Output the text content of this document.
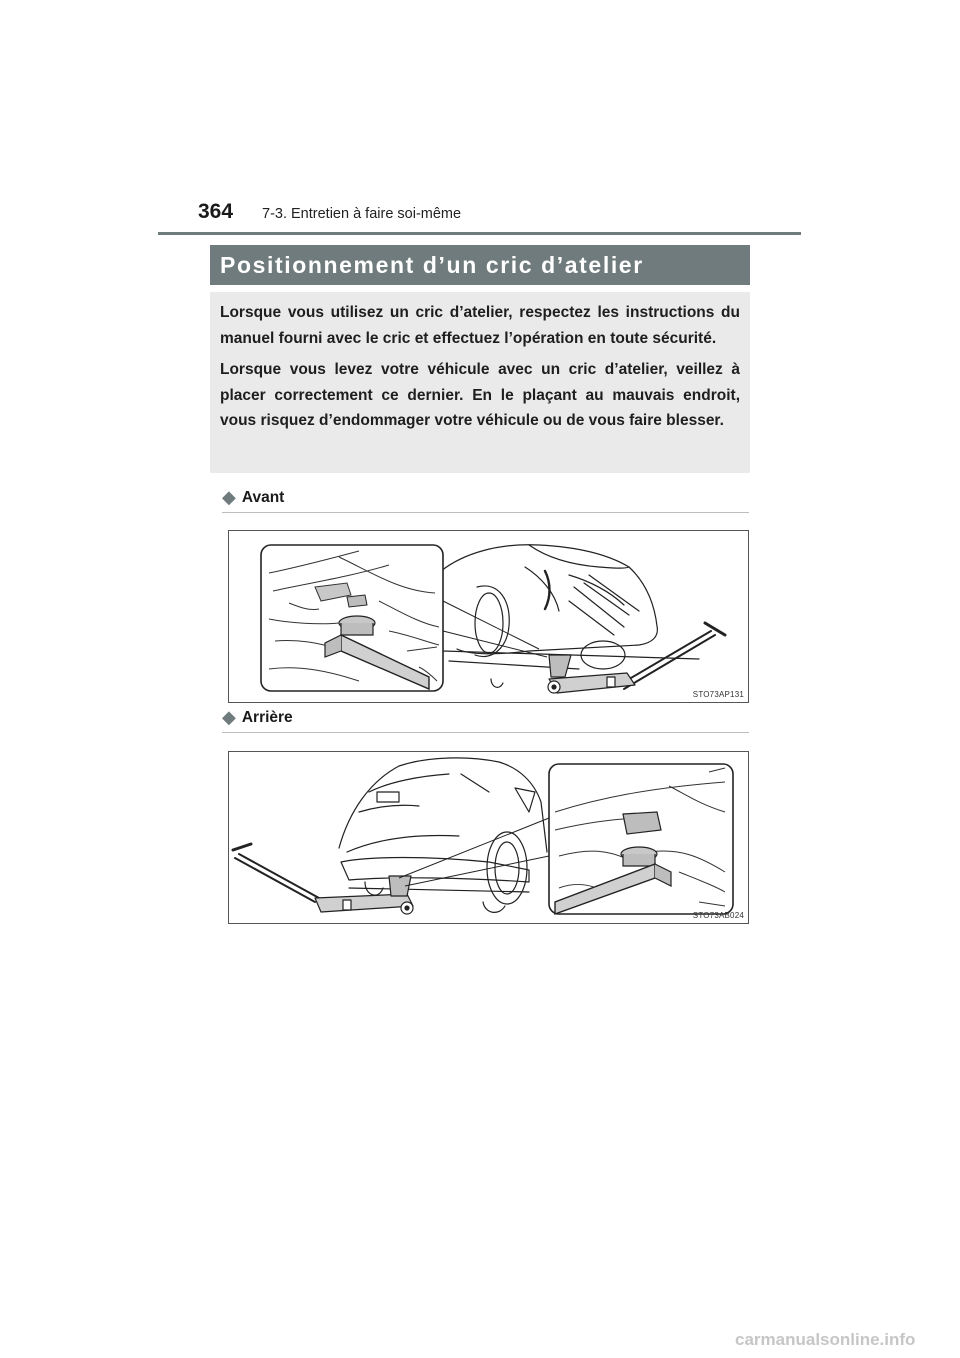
364 7-3. Entretien à faire soi-même
Positionnement d’un cric d’atelier

Lorsque vous utilisez un cric d’atelier, respectez les instructions du manuel fourni avec le cric et effectuez l’opération en toute sécurité.

Lorsque vous levez votre véhicule avec un cric d’atelier, veillez à placer correctement ce dernier. En le plaçant au mauvais endroit, vous risquez d’endommager votre véhicule ou de vous faire blesser.

◆ Avant
STO73AP131
◆ Arrière
STO73AB024
carmanualsonline.info
